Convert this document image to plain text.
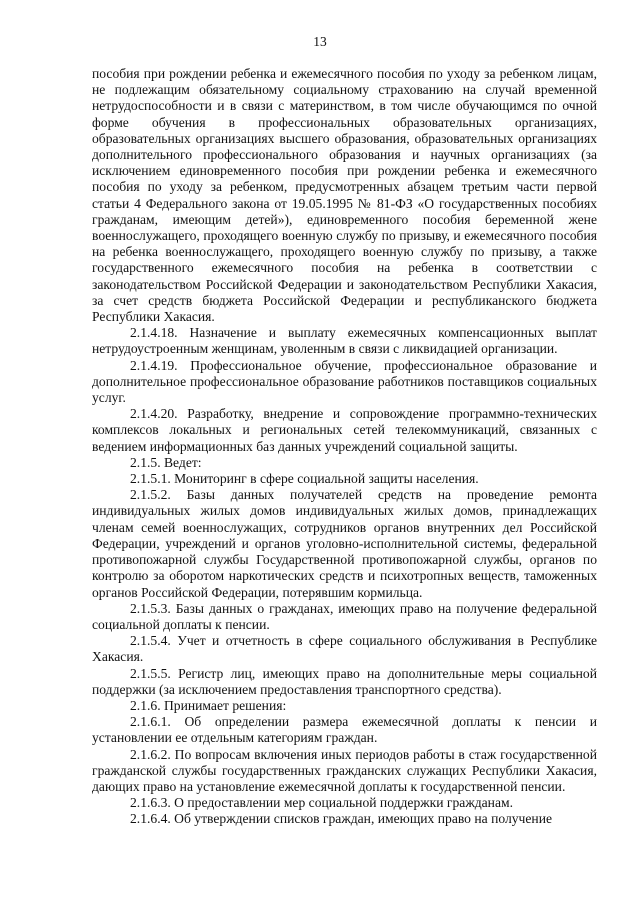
13

пособия при рождении ребенка и ежемесячного пособия по уходу за ребенком лицам, не подлежащим обязательному социальному страхованию на случай временной нетрудоспособности и в связи с материнством, в том числе обучающимся по очной форме обучения в профессиональных образовательных организациях, образовательных организациях высшего образования, образовательных организациях дополнительного профессионального образования и научных организациях (за исключением единовременного пособия при рождении ребенка и ежемесячного пособия по уходу за ребенком, предусмотренных абзацем третьим части первой статьи 4 Федерального закона от 19.05.1995 № 81-ФЗ «О государственных пособиях гражданам, имеющим детей»), единовременного пособия беременной жене военнослужащего, проходящего военную службу по призыву, и ежемесячного пособия на ребенка военнослужащего, проходящего военную службу по призыву, а также государственного ежемесячного пособия на ребенка в соответствии с законодательством Российской Федерации и законодательством Республики Хакасия, за счет средств бюджета Российской Федерации и республиканского бюджета Республики Хакасия.

2.1.4.18. Назначение и выплату ежемесячных компенсационных выплат нетрудоустроенным женщинам, уволенным в связи с ликвидацией организации.

2.1.4.19. Профессиональное обучение, профессиональное образование и дополнительное профессиональное образование работников поставщиков социальных услуг.

2.1.4.20. Разработку, внедрение и сопровождение программно-технических комплексов локальных и региональных сетей телекоммуникаций, связанных с ведением информационных баз данных учреждений социальной защиты.

2.1.5. Ведет:

2.1.5.1. Мониторинг в сфере социальной защиты населения.

2.1.5.2. Базы данных получателей средств на проведение ремонта индивидуальных жилых домов индивидуальных жилых домов, принадлежащих членам семей военнослужащих, сотрудников органов внутренних дел Российской Федерации, учреждений и органов уголовно-исполнительной системы, федеральной противопожарной службы Государственной противопожарной службы, органов по контролю за оборотом наркотических средств и психотропных веществ, таможенных органов Российской Федерации, потерявшим кормильца.

2.1.5.3. Базы данных о гражданах, имеющих право на получение федеральной социальной доплаты к пенсии.

2.1.5.4. Учет и отчетность в сфере социального обслуживания в Республике Хакасия.

2.1.5.5. Регистр лиц, имеющих право на дополнительные меры социальной поддержки (за исключением предоставления транспортного средства).

2.1.6. Принимает решения:

2.1.6.1. Об определении размера ежемесячной доплаты к пенсии и установлении ее отдельным категориям граждан.

2.1.6.2. По вопросам включения иных периодов работы в стаж государственной гражданской службы государственных гражданских служащих Республики Хакасия, дающих право на установление ежемесячной доплаты к государственной пенсии.

2.1.6.3. О предоставлении мер социальной поддержки гражданам.

2.1.6.4. Об утверждении списков граждан, имеющих право на получение
